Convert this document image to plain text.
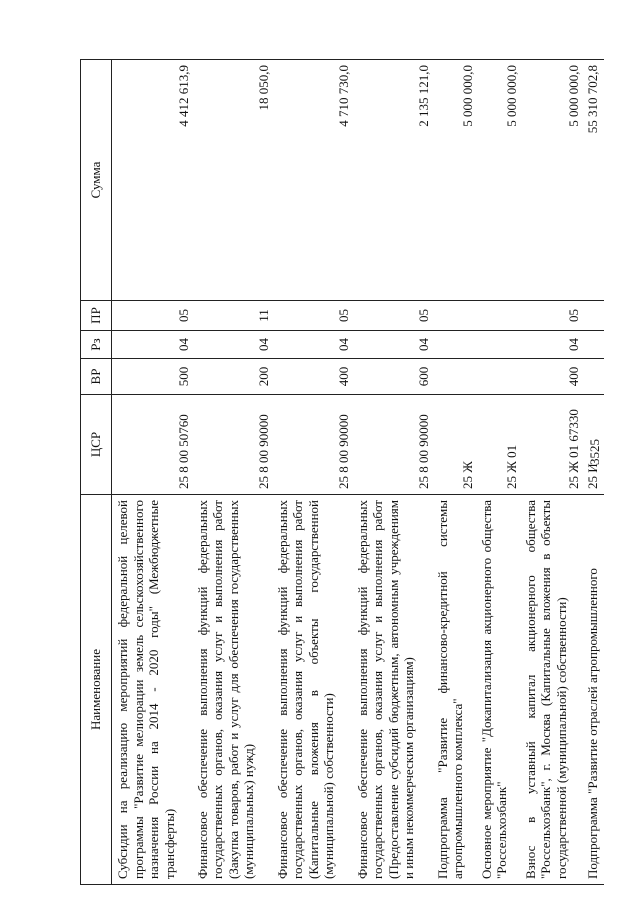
3525
Наименование	ЦСР	ВР	Рз	ПР	Сумма
Субсидии на реализацию мероприятий федеральной целевой программы "Развитие мелиорации земель сельскохозяйственного назначения России на 2014 - 2020 годы" (Межбюджетные трансферты)	25 8 00 50760	500	04	05	4 412 613,9
Финансовое обеспечение выполнения функций федеральных государственных органов, оказания услуг и выполнения работ (Закупка товаров, работ и услуг для обеспечения государственных (муниципальных) нужд)	25 8 00 90000	200	04	11	18 050,0
Финансовое обеспечение выполнения функций федеральных государственных органов, оказания услуг и выполнения работ (Капитальные вложения в объекты государственной (муниципальной) собственности)	25 8 00 90000	400	04	05	4 710 730,0
Финансовое обеспечение выполнения функций федеральных государственных органов, оказания услуг и выполнения работ (Предоставление субсидий бюджетным, автономным учреждениям и иным некоммерческим организациям)	25 8 00 90000	600	04	05	2 135 121,0
Подпрограмма "Развитие финансово-кредитной системы агропромышленного комплекса"	25 Ж				5 000 000,0
Основное мероприятие "Докапитализация акционерного общества "Россельхозбанк"	25 Ж 01				5 000 000,0
Взнос в уставный капитал акционерного общества "Россельхозбанк", г. Москва (Капитальные вложения в объекты государственной (муниципальной) собственности)	25 Ж 01 67330	400	04	05	5 000 000,0
Подпрограмма "Развитие отраслей агропромышленного	25 И				55 310 702,8
